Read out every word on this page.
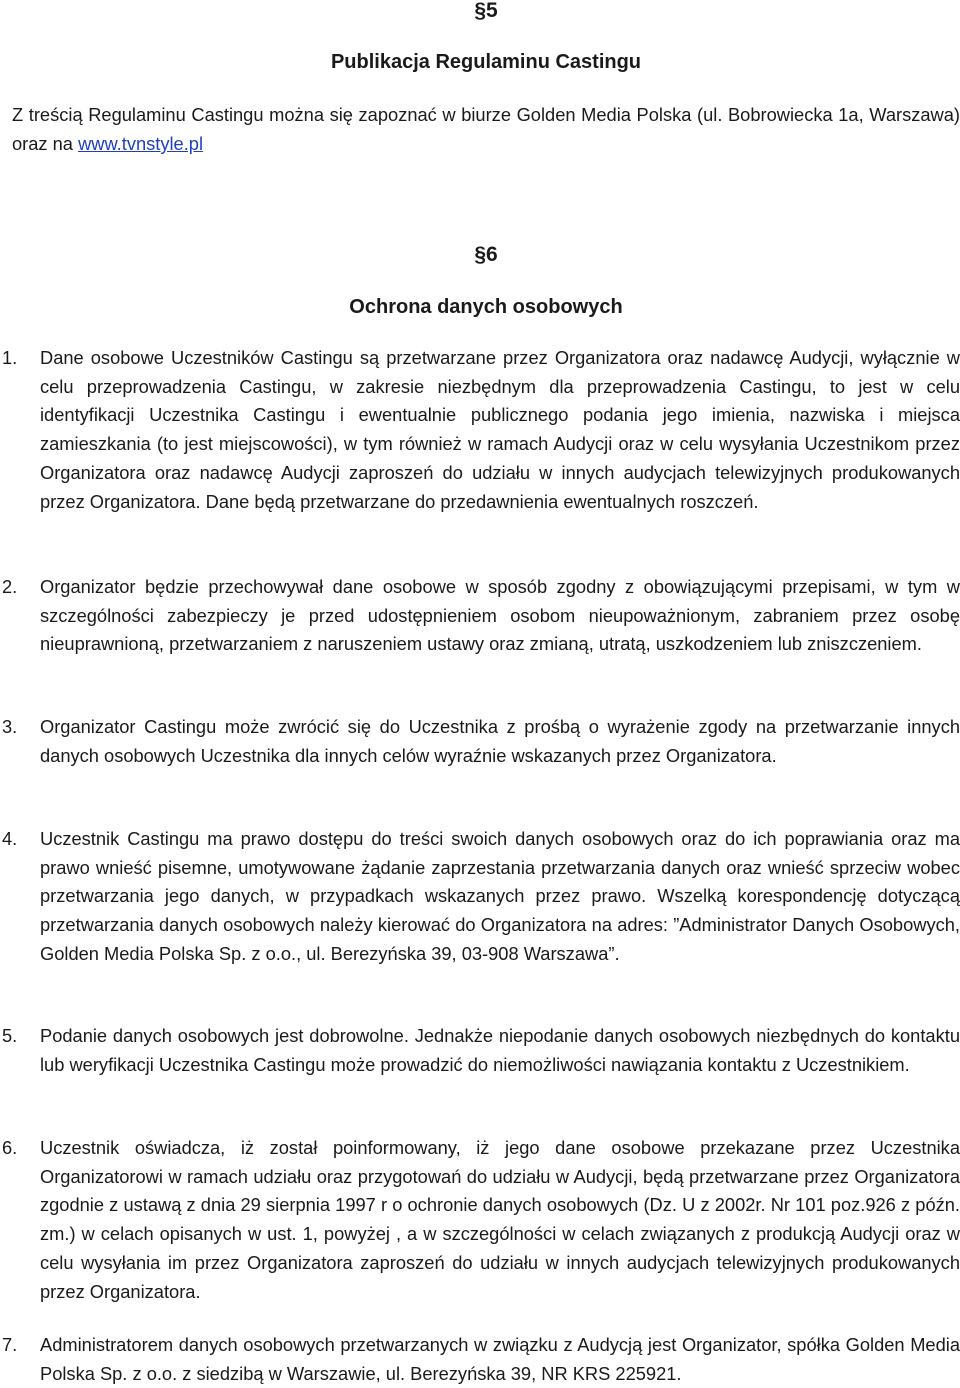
§5
Publikacja Regulaminu Castingu

Z treścią Regulaminu Castingu można się zapoznać w biurze Golden Media Polska (ul. Bobrowiecka 1a, Warszawa) oraz na www.tvnstyle.pl

§6
Ochrona danych osobowych
1.	Dane osobowe Uczestników Castingu są przetwarzane przez Organizatora oraz nadawcę Audycji, wyłącznie w celu przeprowadzenia Castingu, w zakresie niezbędnym dla przeprowadzenia Castingu, to jest w celu identyfikacji Uczestnika Castingu i ewentualnie publicznego podania jego imienia, nazwiska i miejsca zamieszkania (to jest miejscowości), w tym również w ramach Audycji oraz w celu wysyłania Uczestnikom przez Organizatora oraz nadawcę Audycji zaproszeń do udziału w innych audycjach telewizyjnych produkowanych przez Organizatora. Dane będą przetwarzane do przedawnienia ewentualnych roszczeń.
2.	Organizator będzie przechowywał dane osobowe w sposób zgodny z obowiązującymi przepisami, w tym w szczególności zabezpieczy je przed udostępnieniem osobom nieupoważnionym, zabraniem przez osobę nieuprawnioną, przetwarzaniem z naruszeniem ustawy oraz zmianą, utratą, uszkodzeniem lub zniszczeniem.
3.	Organizator Castingu może zwrócić się do Uczestnika z prośbą o wyrażenie zgody na przetwarzanie innych danych osobowych Uczestnika dla innych celów wyraźnie wskazanych przez Organizatora.
4.	Uczestnik Castingu ma prawo dostępu do treści swoich danych osobowych oraz do ich poprawiania oraz ma prawo wnieść pisemne, umotywowane żądanie zaprzestania przetwarzania danych oraz wnieść sprzeciw wobec przetwarzania jego danych, w przypadkach wskazanych przez prawo. Wszelką korespondencję dotyczącą przetwarzania danych osobowych należy kierować do Organizatora na adres: ”Administrator Danych Osobowych, Golden Media Polska Sp. z o.o., ul. Berezyńska 39, 03-908 Warszawa”.
5.	Podanie danych osobowych jest dobrowolne. Jednakże niepodanie danych osobowych niezbędnych do kontaktu lub weryfikacji Uczestnika Castingu może prowadzić do niemożliwości nawiązania kontaktu z Uczestnikiem.
6.	Uczestnik oświadcza, iż został poinformowany, iż jego dane osobowe przekazane przez Uczestnika Organizatorowi w ramach udziału oraz przygotowań do udziału w Audycji, będą przetwarzane przez Organizatora zgodnie z ustawą z dnia 29 sierpnia 1997 r o ochronie danych osobowych (Dz. U z 2002r. Nr 101 poz.926 z późn. zm.) w celach opisanych w ust. 1, powyżej , a w szczególności w celach związanych z produkcją Audycji oraz w celu wysyłania im przez Organizatora zaproszeń do udziału w innych audycjach telewizyjnych produkowanych przez Organizatora.
7.	Administratorem danych osobowych przetwarzanych w związku z Audycją jest Organizator, spółka Golden Media Polska Sp. z o.o. z siedzibą w Warszawie, ul. Berezyńska 39, NR KRS 225921.
